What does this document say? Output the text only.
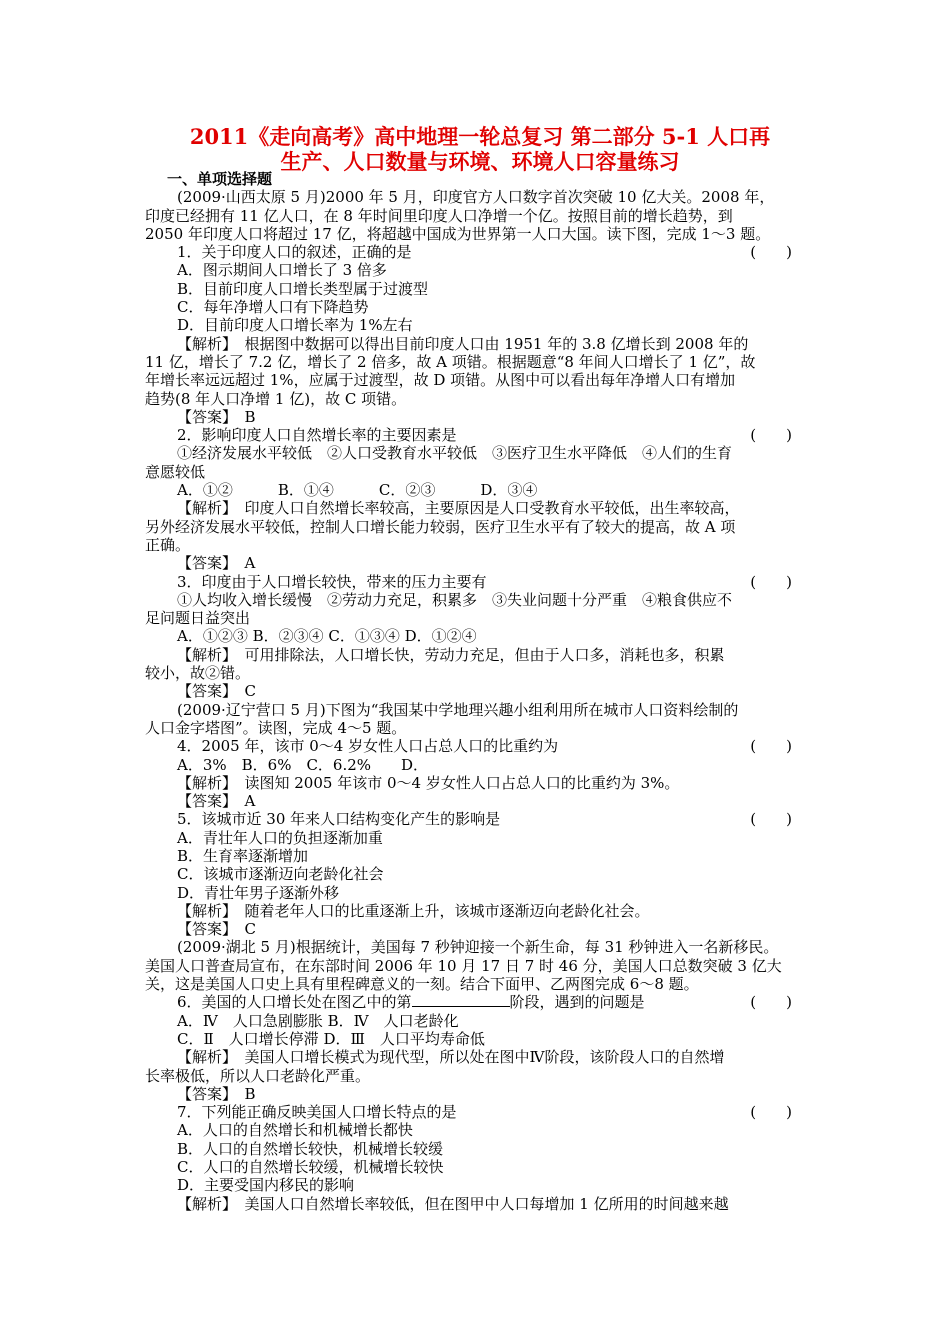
2011《走向高考》高中地理一轮总复习 第二部分 5-1 人口再
生产、人口数量与环境、环境人口容量练习
一、单项选择题
(2009·山西太原 5 月)2000 年 5 月，印度官方人口数字首次突破 10 亿大关。2008 年，
印度已经拥有 11 亿人口，在 8 年时间里印度人口净增一个亿。按照目前的增长趋势，到
2050 年印度人口将超过 17 亿，将超越中国成为世界第一人口大国。读下图，完成 1～3 题。
1．关于印度人口的叙述，正确的是	(　　)
A．图示期间人口增长了 3 倍多
B．目前印度人口增长类型属于过渡型
C．每年净增人口有下降趋势
D．目前印度人口增长率为 1%左右
【解析】　根据图中数据可以得出目前印度人口由 1951 年的 3.8 亿增长到 2008 年的
11 亿，增长了 7.2 亿，增长了 2 倍多，故 A 项错。根据题意“8 年间人口增长了 1 亿”，故
年增长率远远超过 1%，应属于过渡型，故 D 项错。从图中可以看出每年净增人口有增加
趋势(8 年人口净增 1 亿)，故 C 项错。
【答案】　B
2．影响印度人口自然增长率的主要因素是	(　　)
①经济发展水平较低　②人口受教育水平较低　③医疗卫生水平降低　④人们的生育
意愿较低
A．①②　　　B．①④　　　C．②③　　　D．③④
【解析】　印度人口自然增长率较高，主要原因是人口受教育水平较低，出生率较高，
另外经济发展水平较低，控制人口增长能力较弱，医疗卫生水平有了较大的提高，故 A 项
正确。
【答案】　A
3．印度由于人口增长较快，带来的压力主要有	(　　)
①人均收入增长缓慢　②劳动力充足，积累多　③失业问题十分严重　④粮食供应不
足问题日益突出
A．①②③ B．②③④ C．①③④ D．①②④
【解析】　可用排除法，人口增长快，劳动力充足，但由于人口多，消耗也多，积累
较小，故②错。
【答案】　C
(2009·辽宁营口 5 月)下图为“我国某中学地理兴趣小组利用所在城市人口资料绘制的
人口金字塔图”。读图，完成 4～5 题。
4．2005 年，该市 0～4 岁女性人口占总人口的比重约为	(　　)
A．3%　B．6%　C．6.2%　　D．
【解析】　读图知 2005 年该市 0～4 岁女性人口占总人口的比重约为 3%。
【答案】　A
5．该城市近 30 年来人口结构变化产生的影响是	(　　)
A．青壮年人口的负担逐渐加重
B．生育率逐渐增加
C．该城市逐渐迈向老龄化社会
D．青壮年男子逐渐外移
【解析】　随着老年人口的比重逐渐上升，该城市逐渐迈向老龄化社会。
【答案】　C
(2009·湖北 5 月)根据统计，美国每 7 秒钟迎接一个新生命，每 31 秒钟进入一名新移民。
美国人口普查局宣布，在东部时间 2006 年 10 月 17 日 7 时 46 分，美国人口总数突破 3 亿大
关，这是美国人口史上具有里程碑意义的一刻。结合下面甲、乙两图完成 6～8 题。
6．美国的人口增长处在图乙中的第	阶段，遇到的问题是	(　　)
A．Ⅳ　人口急剧膨胀 B．Ⅳ　人口老龄化
C．Ⅱ　人口增长停滞 D．Ⅲ　人口平均寿命低
【解析】　美国人口增长模式为现代型，所以处在图中Ⅳ阶段，该阶段人口的自然增
长率极低，所以人口老龄化严重。
【答案】　B
7．下列能正确反映美国人口增长特点的是	(　　)
A．人口的自然增长和机械增长都快
B．人口的自然增长较快，机械增长较缓
C．人口的自然增长较缓，机械增长较快
D．主要受国内移民的影响
【解析】　美国人口自然增长率较低，但在图甲中人口每增加 1 亿所用的时间越来越
